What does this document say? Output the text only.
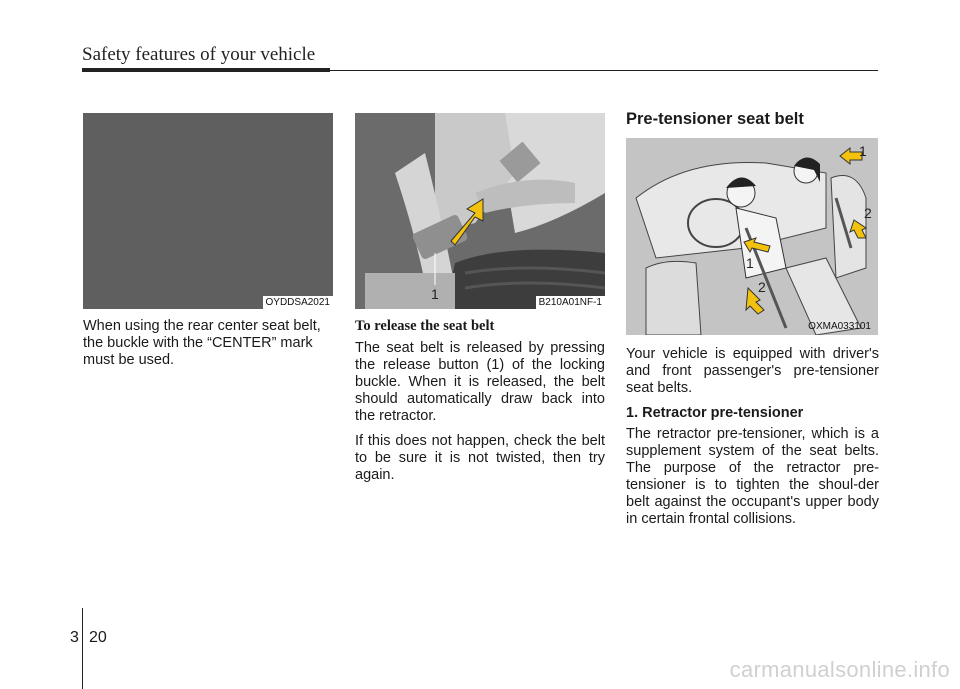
Safety features of your vehicle
OYDDSA2021
1
B210A01NF-1
1
2
1
2
OXMA033101

When using the rear center seat belt, the buckle with the “CENTER” mark must be used.

To release the seat belt

The seat belt is released by pressing the release button (1) of the locking buckle. When it is released, the belt should automatically draw back into the retractor.

If this does not happen, check the belt to be sure it is not twisted, then try again.

Pre-tensioner seat belt

Your vehicle is equipped with driver's and front passenger's pre-tensioner seat belts.

1. Retractor pre-tensioner

The retractor pre-tensioner, which is a supplement system of the seat belts. The purpose of the retractor pre-tensioner is to tighten the shoul-der belt against the occupant's upper body in certain frontal collisions.

3 20
carmanualsonline.info
